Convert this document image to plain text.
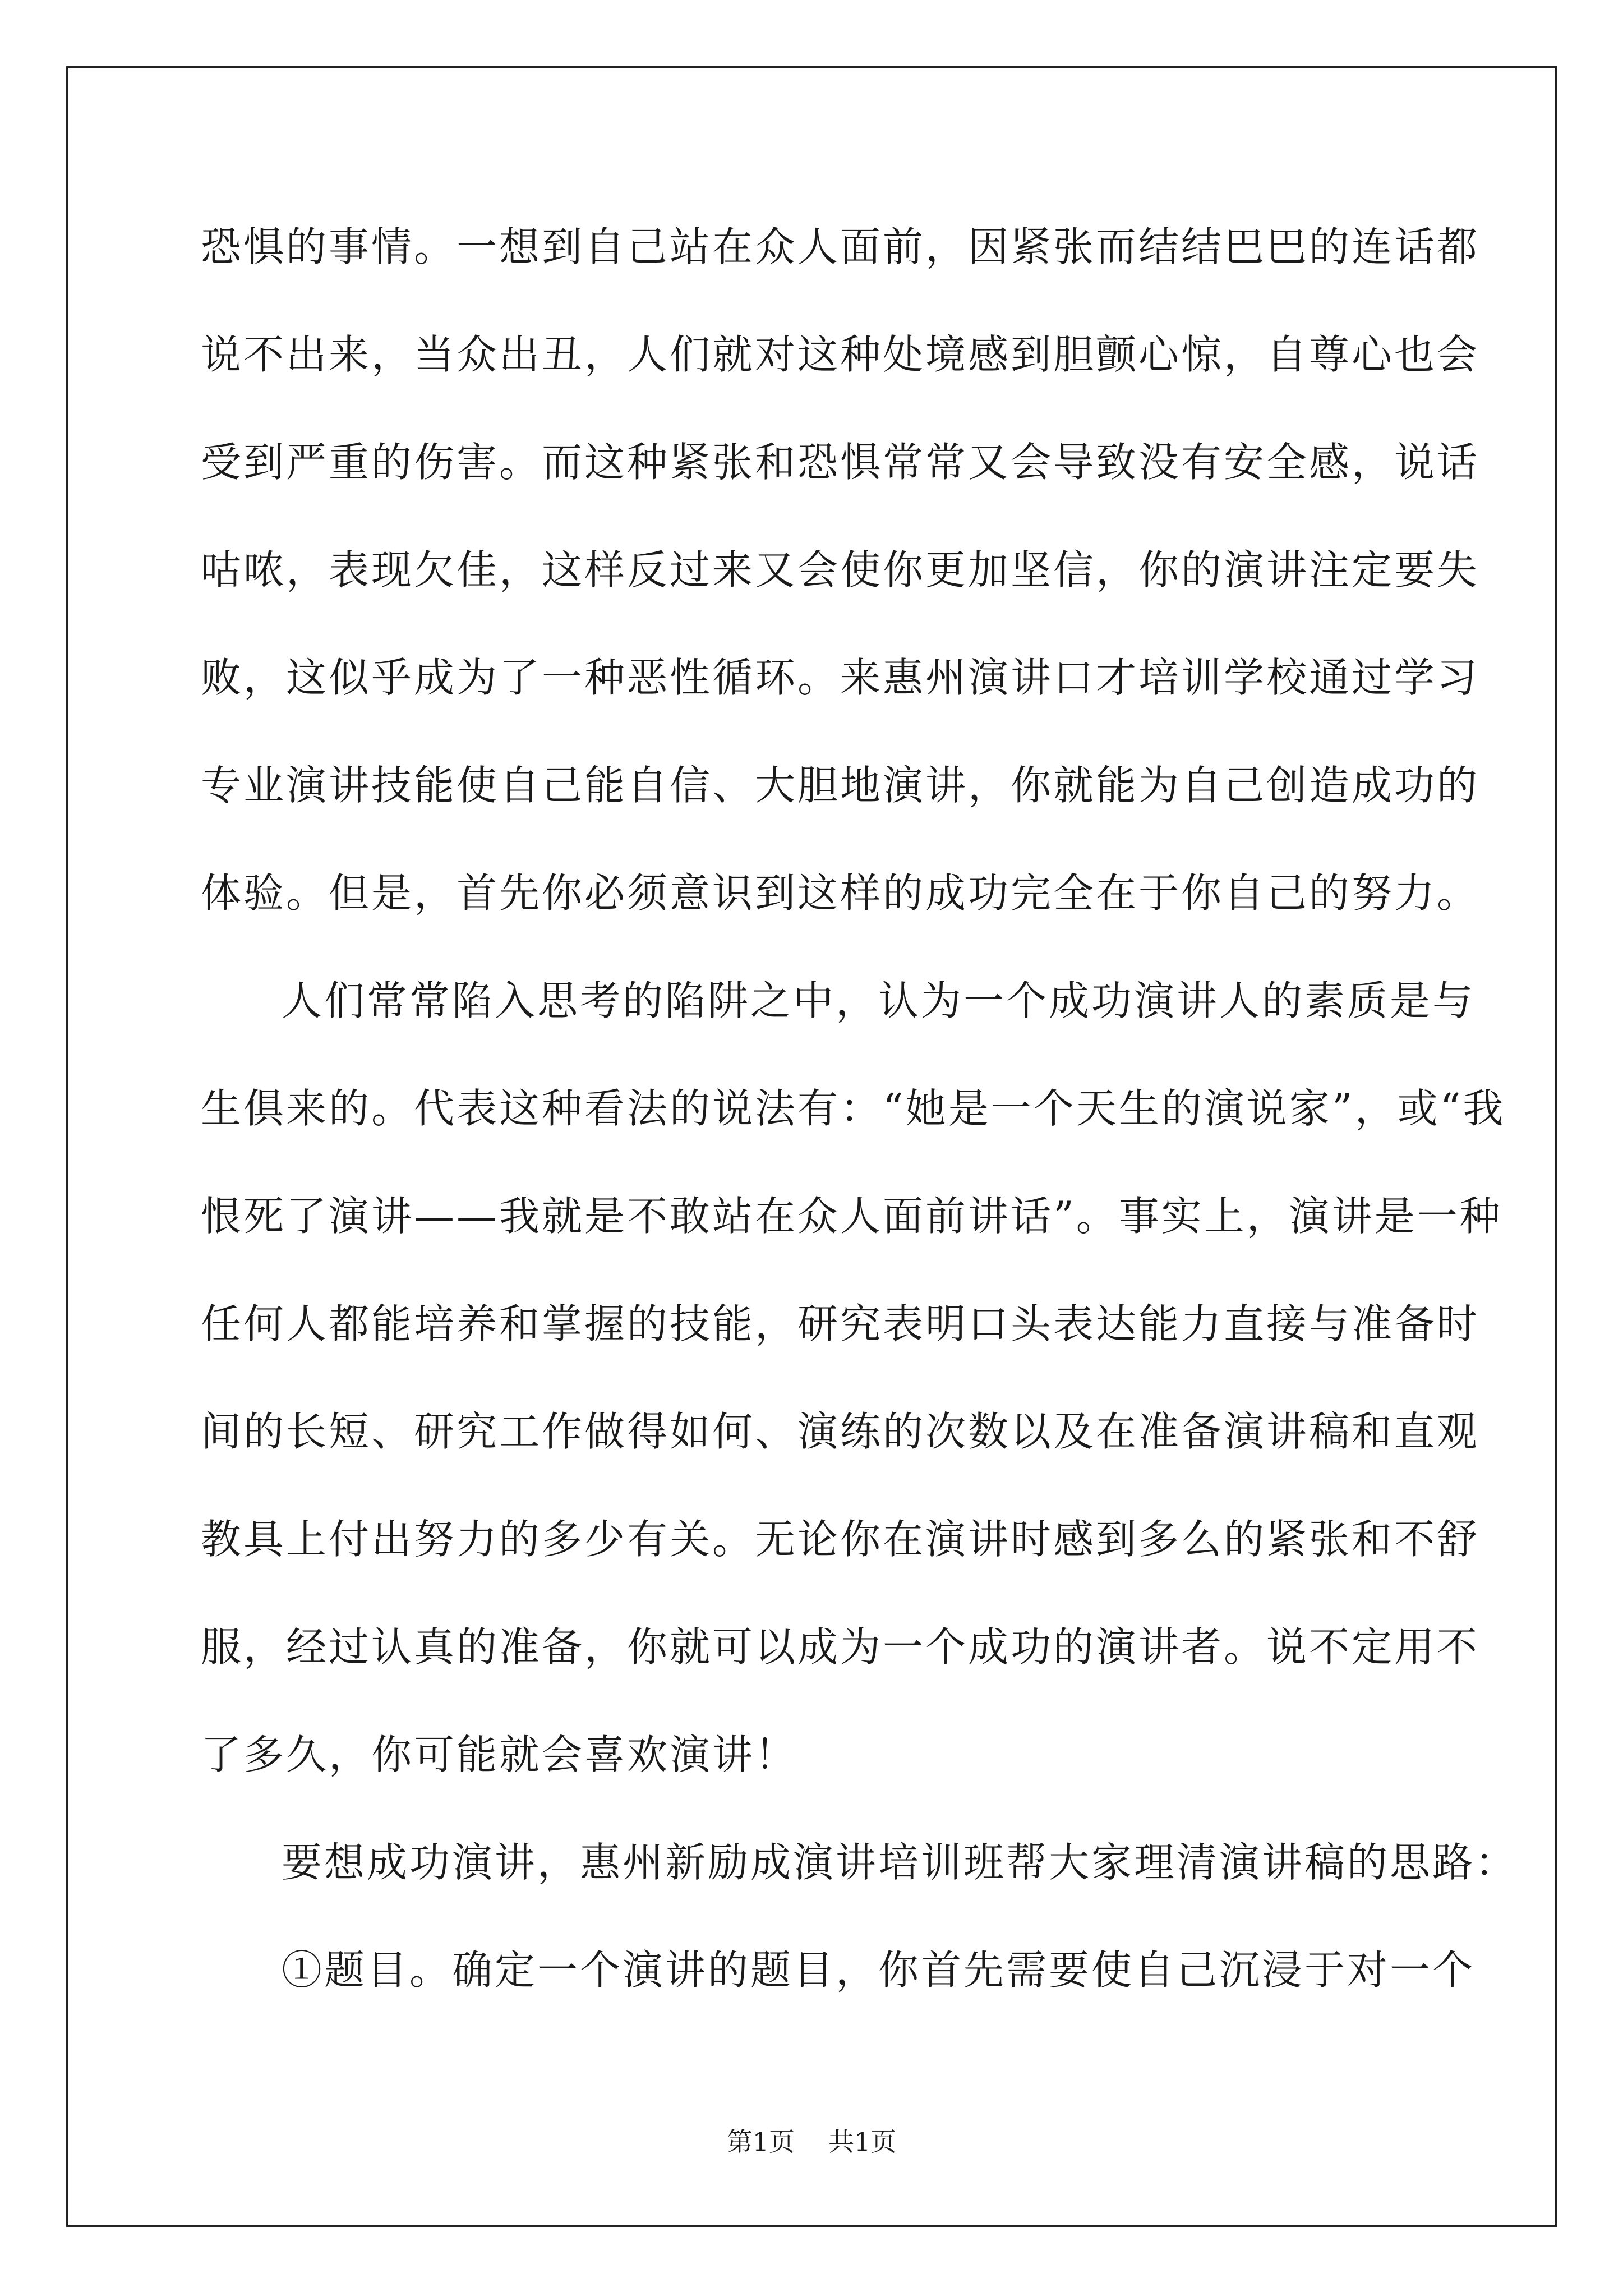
恐惧的事情。一想到自己站在众人面前，因紧张而结结巴巴的连话都
说不出来，当众出丑，人们就对这种处境感到胆颤心惊，自尊心也会
受到严重的伤害。而这种紧张和恐惧常常又会导致没有安全感，说话
咕哝，表现欠佳，这样反过来又会使你更加坚信，你的演讲注定要失
败，这似乎成为了一种恶性循环。来惠州演讲口才培训学校通过学习
专业演讲技能使自己能自信、大胆地演讲，你就能为自己创造成功的
体验。但是，首先你必须意识到这样的成功完全在于你自己的努力。
人们常常陷入思考的陷阱之中，认为一个成功演讲人的素质是与
生俱来的。代表这种看法的说法有：“她是一个天生的演说家”，或“我
恨死了演讲——我就是不敢站在众人面前讲话”。事实上，演讲是一种
任何人都能培养和掌握的技能，研究表明口头表达能力直接与准备时
间的长短、研究工作做得如何、演练的次数以及在准备演讲稿和直观
教具上付出努力的多少有关。无论你在演讲时感到多么的紧张和不舒
服，经过认真的准备，你就可以成为一个成功的演讲者。说不定用不
了多久，你可能就会喜欢演讲！
要想成功演讲，惠州新励成演讲培训班帮大家理清演讲稿的思路：
①题目。确定一个演讲的题目，你首先需要使自己沉浸于对一个
第1页 共1页
